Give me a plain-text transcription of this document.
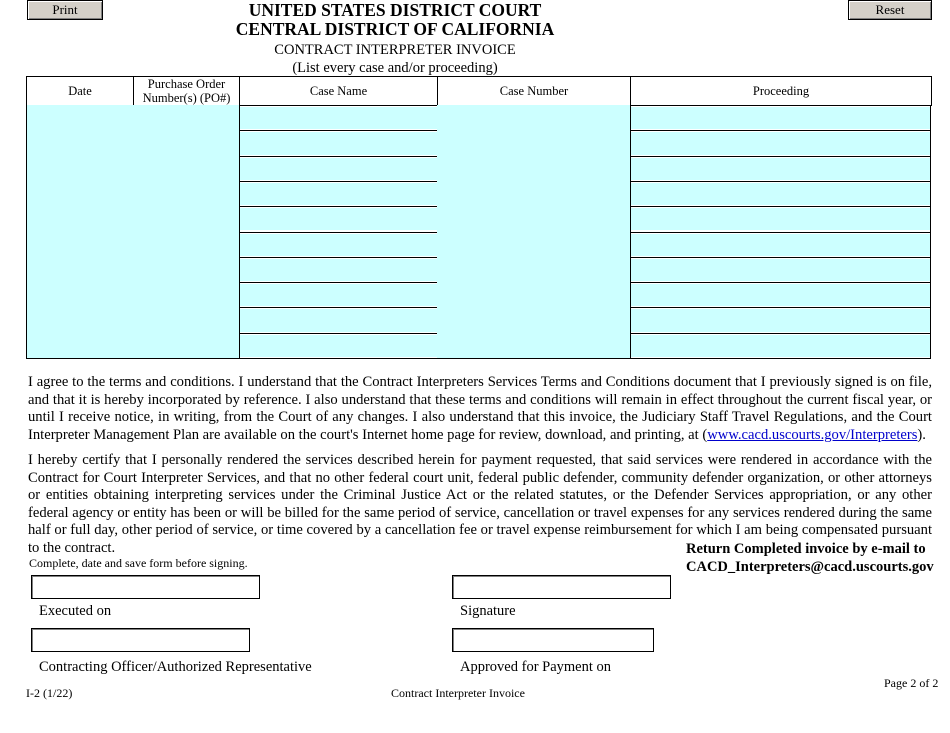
Print	Reset
UNITED STATES DISTRICT COURT
CENTRAL DISTRICT OF CALIFORNIA
CONTRACT INTERPRETER INVOICE
(List every case and/or proceeding)
Date	Purchase Order
Number(s) (PO#)	Case Name	Case Number	Proceeding
I agree to the terms and conditions. I understand that the Contract Interpreters Services Terms and Conditions document that I previously signed is on file, and that it is hereby incorporated by reference. I also understand that these terms and conditions will remain in effect throughout the current fiscal year, or until I receive notice, in writing, from the Court of any changes. I also understand that this invoice, the Judiciary Staff Travel Regulations, and the Court Interpreter Management Plan are available on the court's Internet home page for review, download, and printing, at (www.cacd.uscourts.gov/Interpreters).
I hereby certify that I personally rendered the services described herein for payment requested, that said services were rendered in accordance with the Contract for Court Interpreter Services, and that no other federal court unit, federal public defender, community defender organization, or other attorneys or entities obtaining interpreting services under the Criminal Justice Act or the related statutes, or the Defender Services appropriation, or any other federal agency or entity has been or will be billed for the same period of service, cancellation or travel expenses for any services rendered during the same half or full day, other period of service, or time covered by a cancellation fee or travel expense reimbursement for which I am being compensated pursuant to the contract.
Complete, date and save form before signing.
Return Completed invoice by e-mail to
CACD_Interpreters@cacd.uscourts.gov
Executed on	Signature
Contracting Officer/Authorized Representative	Approved for Payment on
I-2 (1/22)	Contract Interpreter Invoice
Page 2 of 2
